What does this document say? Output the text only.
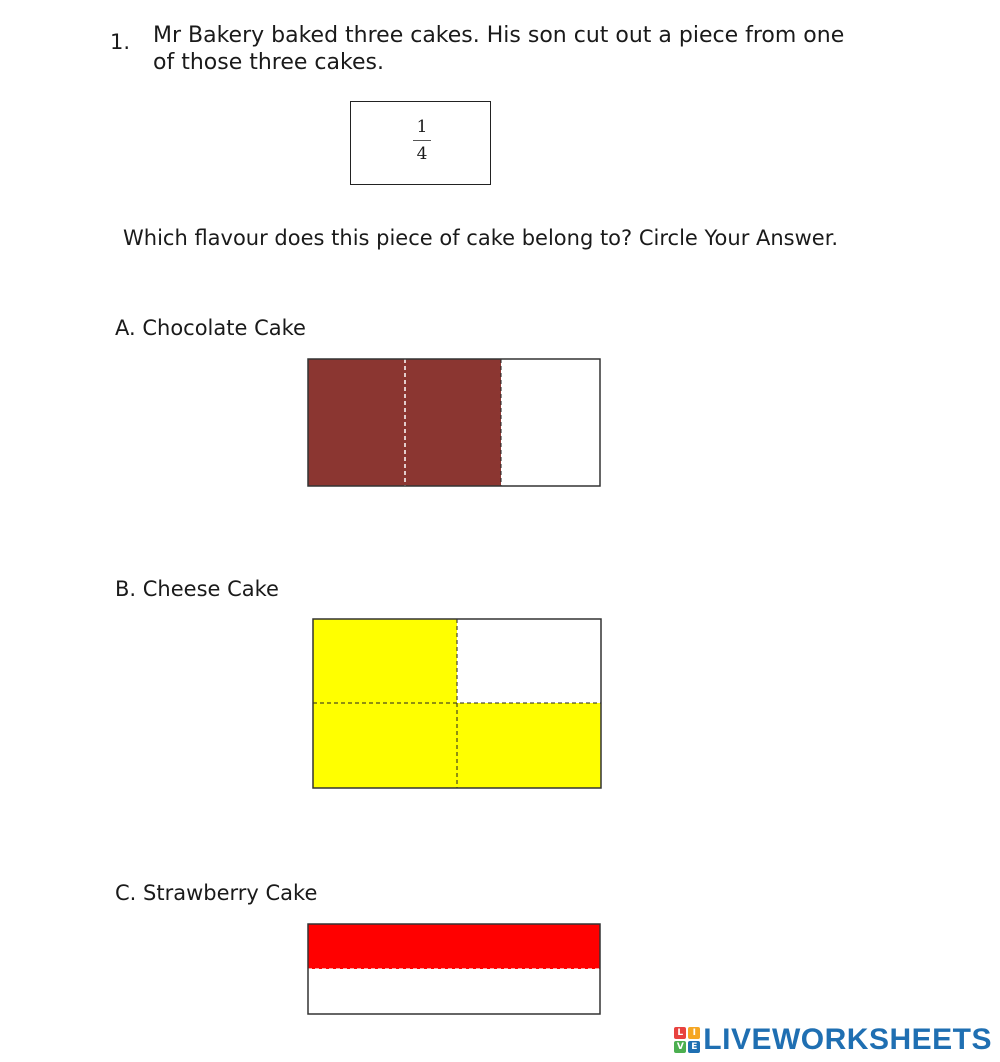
1. Mr Bakery baked three cakes. His son cut out a piece from one
of those three cakes.
1
4
Which flavour does this piece of cake belong to? Circle Your Answer.
A. Chocolate Cake
B. Cheese Cake
C. Strawberry Cake
L	I
V E LIVEWORKSHEETS
